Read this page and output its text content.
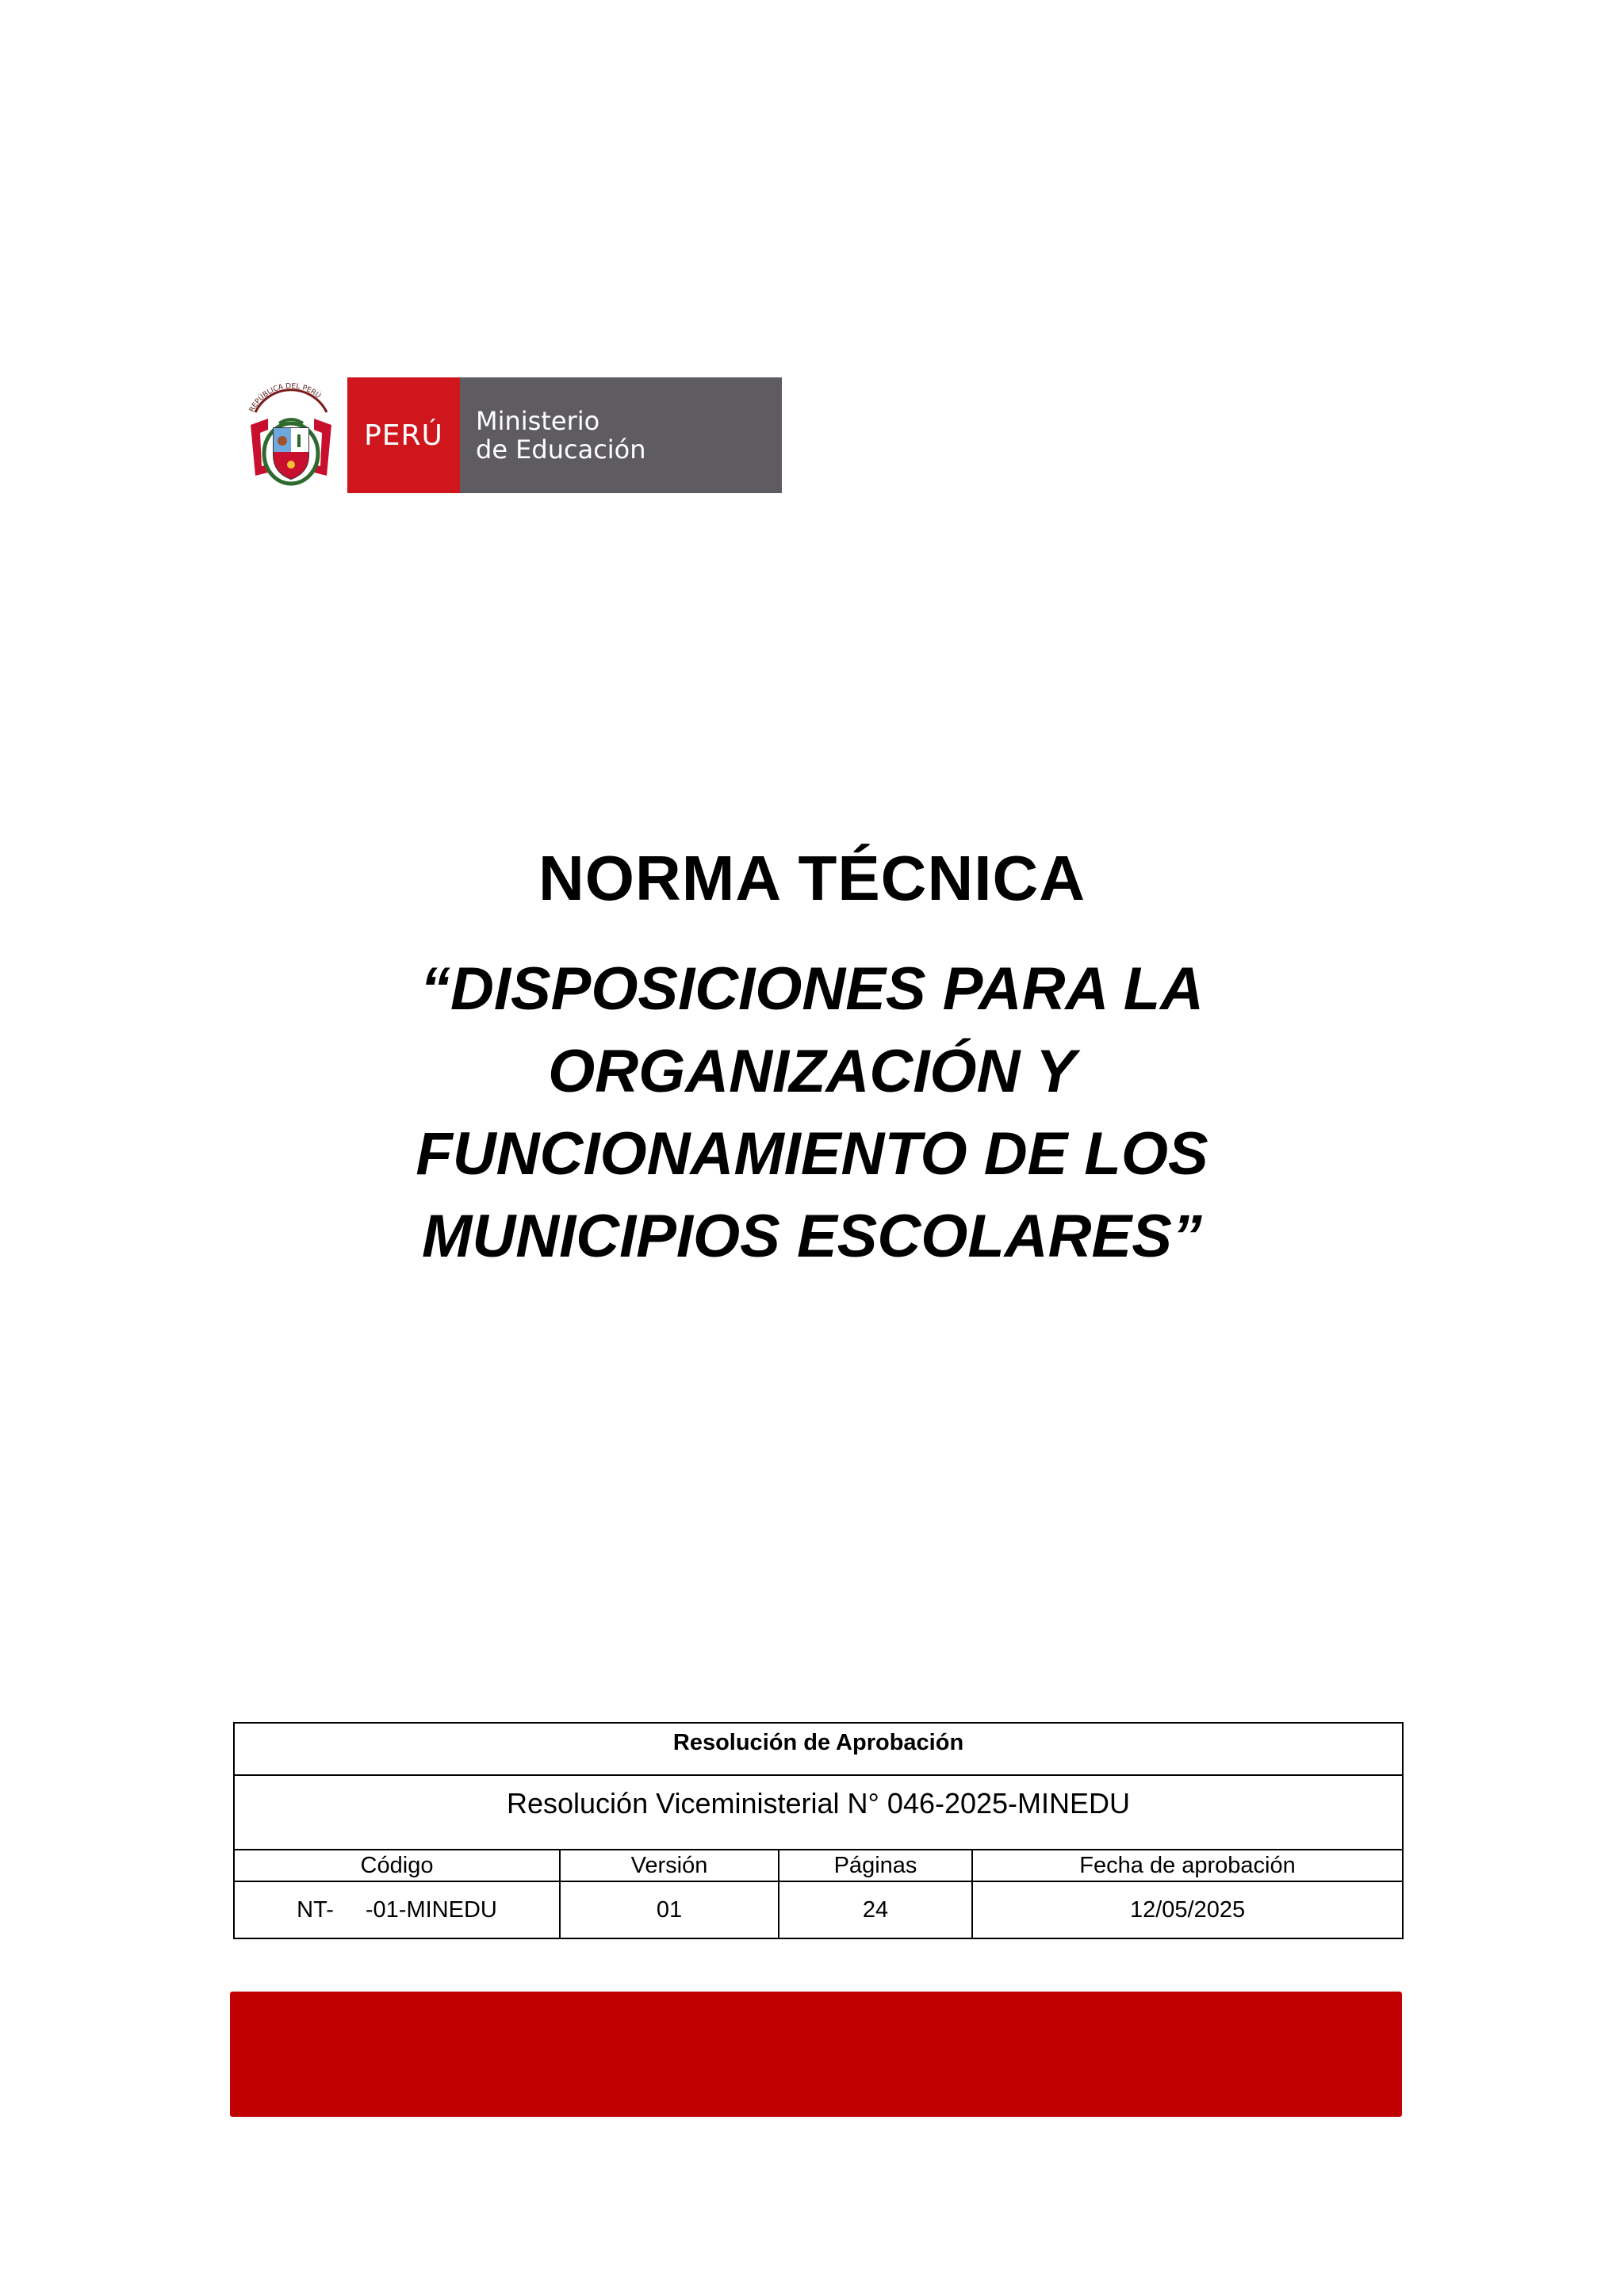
REPÚBLICA DEL PERÚ
PERÚ	Ministerio
de Educación
NORMA TÉCNICA
“DISPOSICIONES PARA LA
ORGANIZACIÓN Y
FUNCIONAMIENTO DE LOS
MUNICIPIOS ESCOLARES”
Resolución de Aprobación			
Resolución Viceministerial N° 046-2025-MINEDU			
Código	Versión	Páginas	Fecha de aprobación
NT- -01-MINEDU	01	24	12/05/2025
